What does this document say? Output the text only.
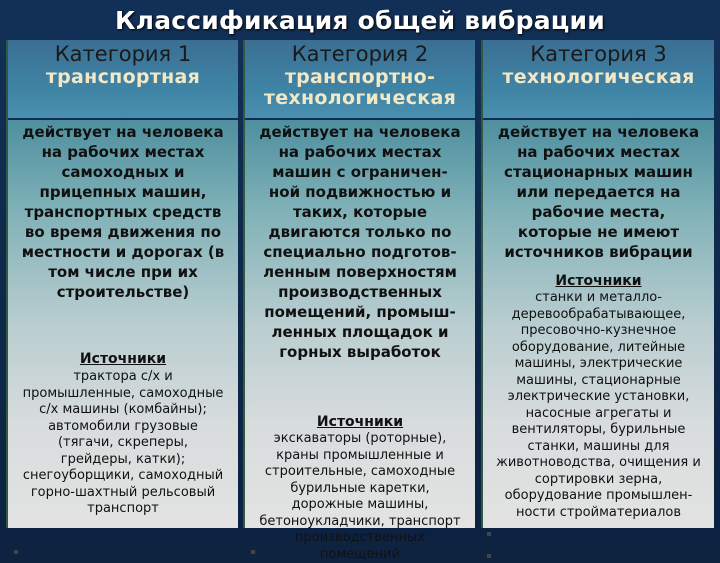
Классификация общей вибрации
Категория 1
транспортная
действует на человека
на рабочих местах
самоходных и
прицепных машин,
транспортных средств
во время движения по
местности и дорогах (в
том числе при их
строительстве)
Источники
трактора с/х и
промышленные, самоходные
с/х машины (комбайны);
автомобили грузовые
(тягачи, скреперы,
грейдеры, катки);
снегоуборщики, самоходный
горно-шахтный рельсовый
транспорт
Категория 2
транспортно-
технологическая
действует на человека
на рабочих местах
машин с ограничен-
ной подвижностью и
таких, которые
двигаются только по
специально подготов-
ленным поверхностям
производственных
помещений, промыш-
ленных площадок и
горных выработок
Источники
экскаваторы (роторные),
краны промышленные и
строительные, самоходные
бурильные каретки,
дорожные машины,
бетоноукладчики, транспорт
производственных
помещений
Категория 3
технологическая
действует на человека
на рабочих местах
стационарных машин
или передается на
рабочие места,
которые не имеют
источников вибрации
Источники
станки и металло-
деревообрабатывающее,
пресовочно-кузнечное
оборудование, литейные
машины, электрические
машины, стационарные
электрические установки,
насосные агрегаты и
вентиляторы, бурильные
станки, машины для
животноводства, очищения и
сортировки зерна,
оборудование промышлен-
ности стройматериалов
